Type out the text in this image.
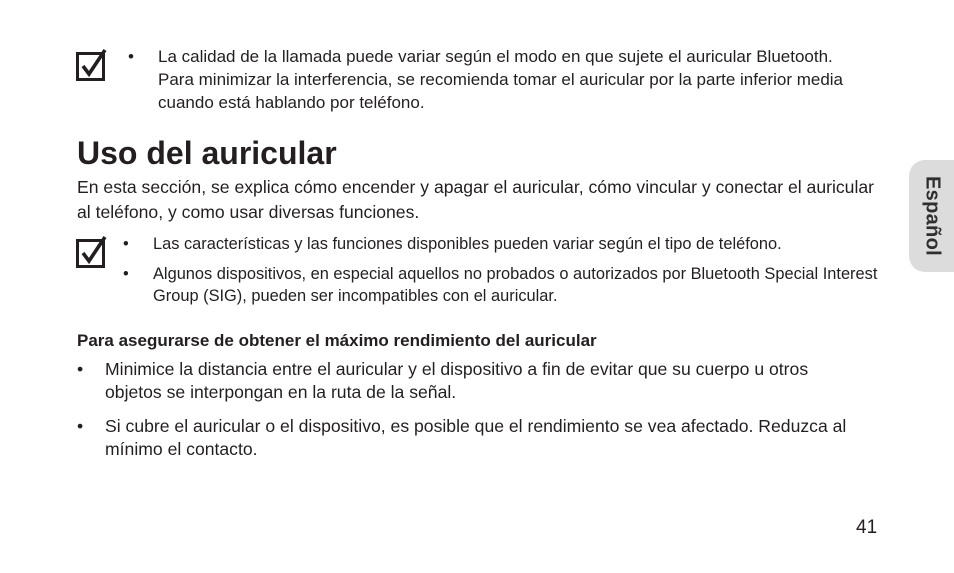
• La calidad de la llamada puede variar según el modo en que sujete el auricular Bluetooth. Para minimizar la interferencia, se recomienda tomar el auricular por la parte inferior media cuando está hablando por teléfono.
Uso del auricular
En esta sección, se explica cómo encender y apagar el auricular, cómo vincular y conectar el auricular al teléfono, y como usar diversas funciones.
• Las características y las funciones disponibles pueden variar según el tipo de teléfono.
• Algunos dispositivos, en especial aquellos no probados o autorizados por Bluetooth Special Interest Group (SIG), pueden ser incompatibles con el auricular.
Para asegurarse de obtener el máximo rendimiento del auricular
• Minimice la distancia entre el auricular y el dispositivo a fin de evitar que su cuerpo u otros objetos se interpongan en la ruta de la señal.
• Si cubre el auricular o el dispositivo, es posible que el rendimiento se vea afectado. Reduzca al mínimo el contacto.
Español
41
